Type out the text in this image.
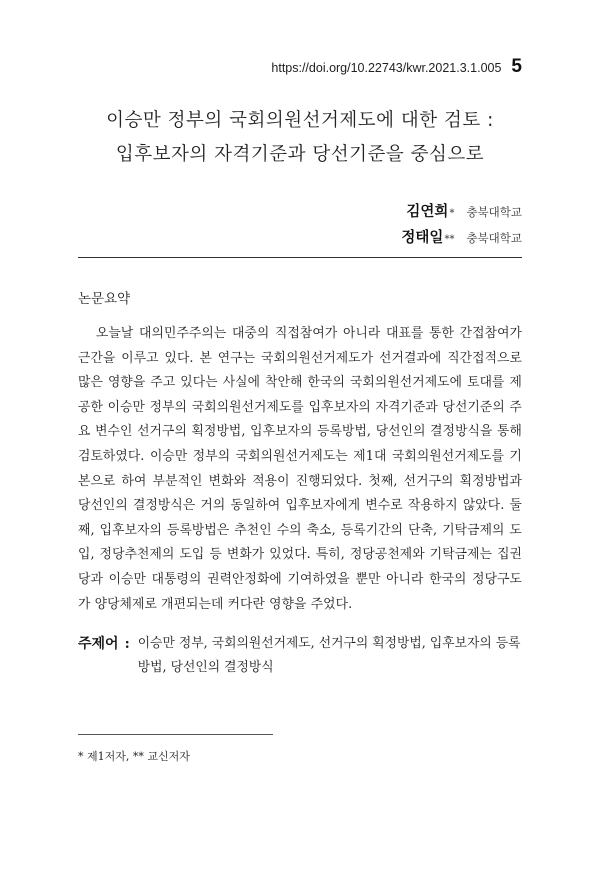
https://doi.org/10.22743/kwr.2021.3.1.005 5
이승만 정부의 국회의원선거제도에 대한 검토 :
입후보자의 자격기준과 당선기준을 중심으로
김연희 * 충북대학교
정태일 ** 충북대학교
논문요약

오늘날 대의민주주의는 대중의 직접참여가 아니라 대표를 통한 간접참여가 근간을 이루고 있다. 본 연구는 국회의원선거제도가 선거결과에 직간접적으로 많은 영향을 주고 있다는 사실에 착안해 한국의 국회의원선거제도에 토대를 제공한 이승만 정부의 국회의원선거제도를 입후보자의 자격기준과 당선기준의 주요 변수인 선거구의 획정방법, 입후보자의 등록방법, 당선인의 결정방식을 통해 검토하였다. 이승만 정부의 국회의원선거제도는 제1대 국회의원선거제도를 기본으로 하여 부분적인 변화와 적용이 진행되었다. 첫째, 선거구의 획정방법과 당선인의 결정방식은 거의 동일하여 입후보자에게 변수로 작용하지 않았다. 둘째, 입후보자의 등록방법은 추천인 수의 축소, 등록기간의 단축, 기탁금제의 도입, 정당추천제의 도입 등 변화가 있었다. 특히, 정당공천제와 기탁금제는 집권당과 이승만 대통령의 권력안정화에 기여하였을 뿐만 아니라 한국의 정당구도가 양당체제로 개편되는데 커다란 영향을 주었다.

주제어 : 이승만 정부, 국회의원선거제도, 선거구의 획정방법, 입후보자의 등록방법, 당선인의 결정방식
* 제1저자, ** 교신저자
